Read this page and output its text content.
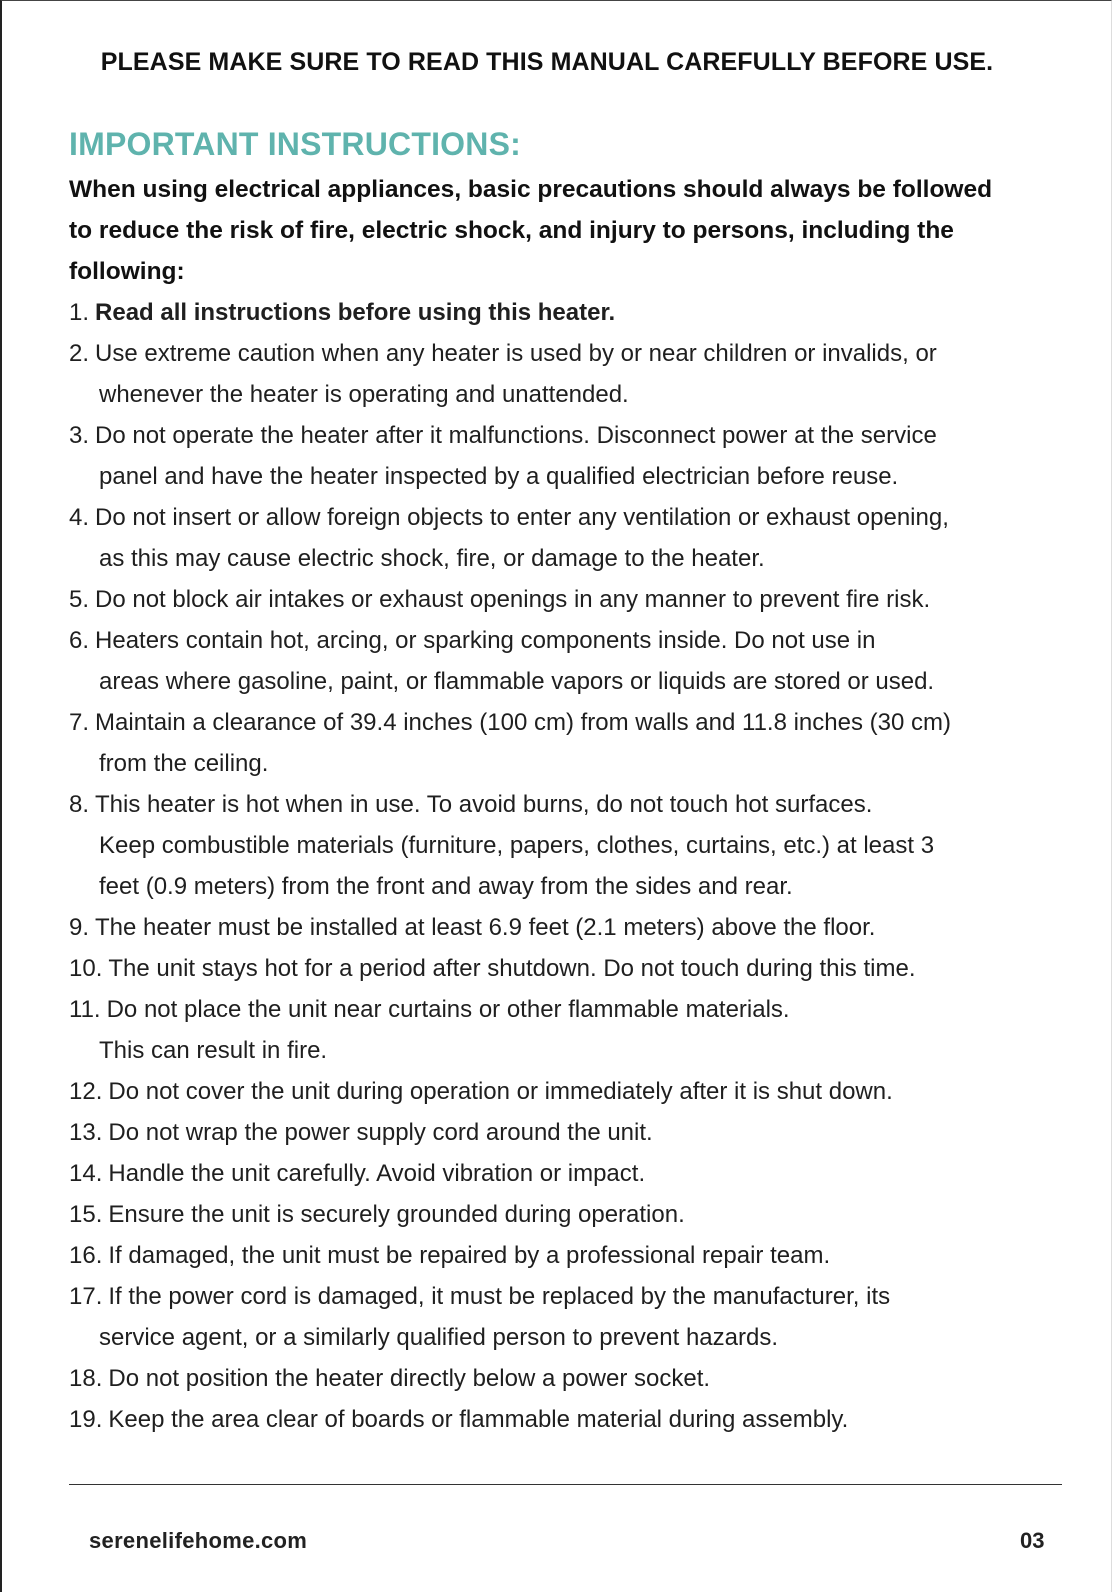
PLEASE MAKE SURE TO READ THIS MANUAL CAREFULLY BEFORE USE.
IMPORTANT INSTRUCTIONS:
When using electrical appliances, basic precautions should always be followed
to reduce the risk of fire, electric shock, and injury to persons, including the
following:
1. Read all instructions before using this heater.
2. Use extreme caution when any heater is used by or near children or invalids, or
whenever the heater is operating and unattended.
3. Do not operate the heater after it malfunctions. Disconnect power at the service
panel and have the heater inspected by a qualified electrician before reuse.
4. Do not insert or allow foreign objects to enter any ventilation or exhaust opening,
as this may cause electric shock, fire, or damage to the heater.
5. Do not block air intakes or exhaust openings in any manner to prevent fire risk.
6. Heaters contain hot, arcing, or sparking components inside. Do not use in
areas where gasoline, paint, or flammable vapors or liquids are stored or used.
7. Maintain a clearance of 39.4 inches (100 cm) from walls and 11.8 inches (30 cm)
from the ceiling.
8. This heater is hot when in use. To avoid burns, do not touch hot surfaces.
Keep combustible materials (furniture, papers, clothes, curtains, etc.) at least 3
feet (0.9 meters) from the front and away from the sides and rear.
9. The heater must be installed at least 6.9 feet (2.1 meters) above the floor.
10. The unit stays hot for a period after shutdown. Do not touch during this time.
11. Do not place the unit near curtains or other flammable materials.
This can result in fire.
12. Do not cover the unit during operation or immediately after it is shut down.
13. Do not wrap the power supply cord around the unit.
14. Handle the unit carefully. Avoid vibration or impact.
15. Ensure the unit is securely grounded during operation.
16. If damaged, the unit must be repaired by a professional repair team.
17. If the power cord is damaged, it must be replaced by the manufacturer, its
service agent, or a similarly qualified person to prevent hazards.
18. Do not position the heater directly below a power socket.
19. Keep the area clear of boards or flammable material during assembly.
serenelifehome.com	03
